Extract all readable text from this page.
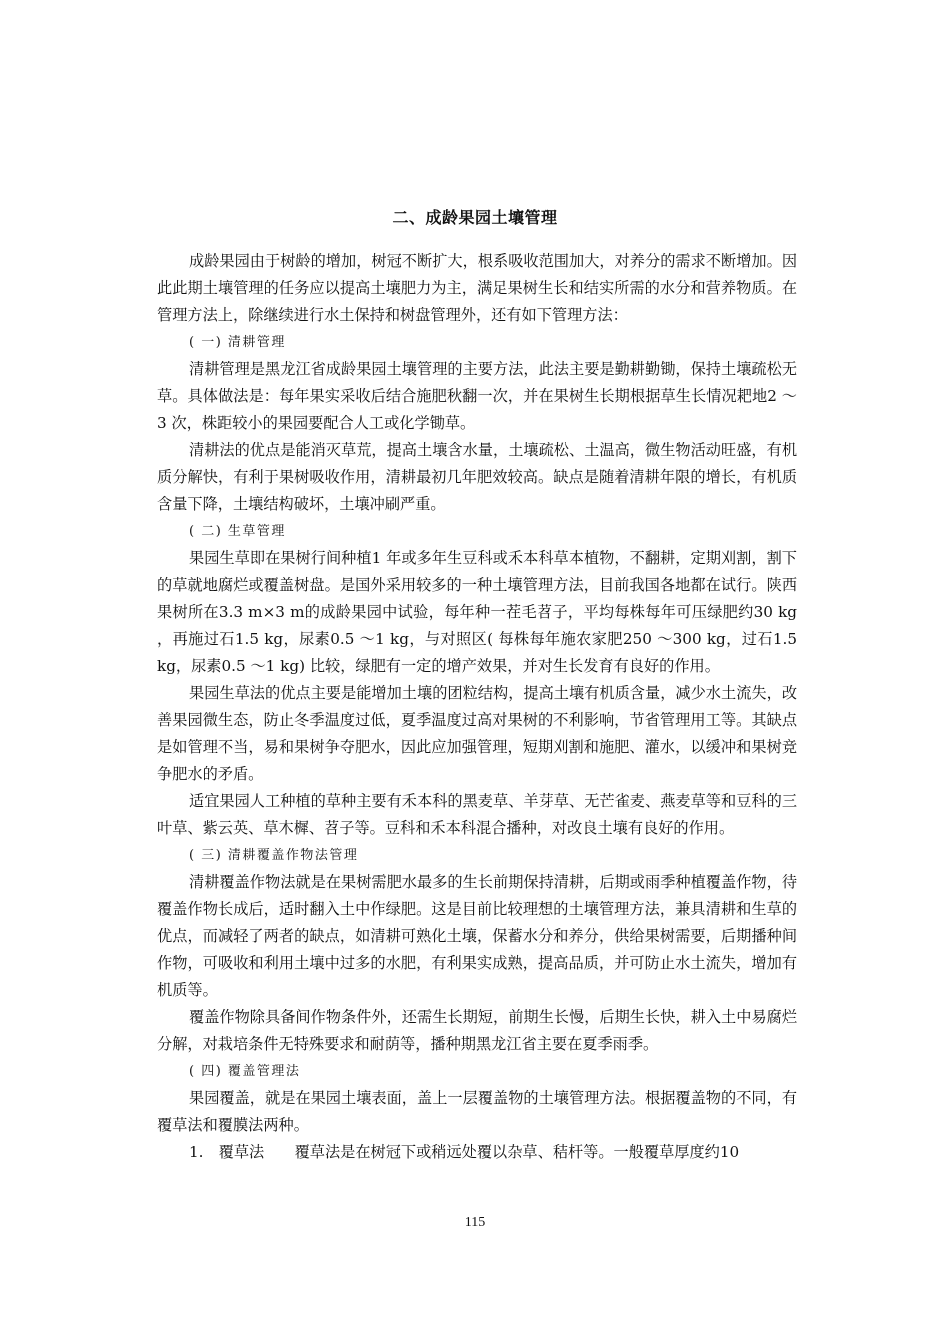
二、成龄果园土壤管理

成龄果园由于树龄的增加，树冠不断扩大，根系吸收范围加大，对养分的需求不断增加。因此此期土壤管理的任务应以提高土壤肥力为主，满足果树生长和结实所需的水分和营养物质。在管理方法上，除继续进行水土保持和树盘管理外，还有如下管理方法：

( 一) 清耕管理

清耕管理是黑龙江省成龄果园土壤管理的主要方法，此法主要是勤耕勤锄，保持土壤疏松无草。具体做法是：每年果实采收后结合施肥秋翻一次，并在果树生长期根据草生长情况耙地2 ～3 次，株距较小的果园要配合人工或化学锄草。

清耕法的优点是能消灭草荒，提高土壤含水量，土壤疏松、土温高，微生物活动旺盛，有机质分解快，有利于果树吸收作用，清耕最初几年肥效较高。缺点是随着清耕年限的增长，有机质含量下降，土壤结构破坏，土壤冲刷严重。

( 二) 生草管理

果园生草即在果树行间种植1 年或多年生豆科或禾本科草本植物，不翻耕，定期刈割，割下的草就地腐烂或覆盖树盘。是国外采用较多的一种土壤管理方法，目前我国各地都在试行。陕西果树所在3.3 m×3 m的成龄果园中试验，每年种一茬毛苕子，平均每株每年可压绿肥约30 kg ，再施过石1.5 kg，尿素0.5 ～1 kg，与对照区( 每株每年施农家肥250 ～300 kg，过石1.5 kg，尿素0.5 ～1 kg) 比较，绿肥有一定的增产效果，并对生长发育有良好的作用。

果园生草法的优点主要是能增加土壤的团粒结构，提高土壤有机质含量，减少水土流失，改善果园微生态，防止冬季温度过低，夏季温度过高对果树的不利影响，节省管理用工等。其缺点是如管理不当，易和果树争夺肥水，因此应加强管理，短期刈割和施肥、灌水，以缓冲和果树竞争肥水的矛盾。

适宜果园人工种植的草种主要有禾本科的黑麦草、羊芽草、无芒雀麦、燕麦草等和豆科的三叶草、紫云英、草木樨、苕子等。豆科和禾本科混合播种，对改良土壤有良好的作用。

( 三) 清耕覆盖作物法管理

清耕覆盖作物法就是在果树需肥水最多的生长前期保持清耕，后期或雨季种植覆盖作物，待覆盖作物长成后，适时翻入土中作绿肥。这是目前比较理想的土壤管理方法，兼具清耕和生草的优点，而减轻了两者的缺点，如清耕可熟化土壤，保蓄水分和养分，供给果树需要，后期播种间作物，可吸收和利用土壤中过多的水肥，有利果实成熟，提高品质，并可防止水土流失，增加有机质等。

覆盖作物除具备间作物条件外，还需生长期短，前期生长慢，后期生长快，耕入土中易腐烂分解，对栽培条件无特殊要求和耐荫等，播种期黑龙江省主要在夏季雨季。

( 四) 覆盖管理法

果园覆盖，就是在果园土壤表面，盖上一层覆盖物的土壤管理方法。根据覆盖物的不同，有覆草法和覆膜法两种。

1.　覆草法　　覆草法是在树冠下或稍远处覆以杂草、秸杆等。一般覆草厚度约10

115
